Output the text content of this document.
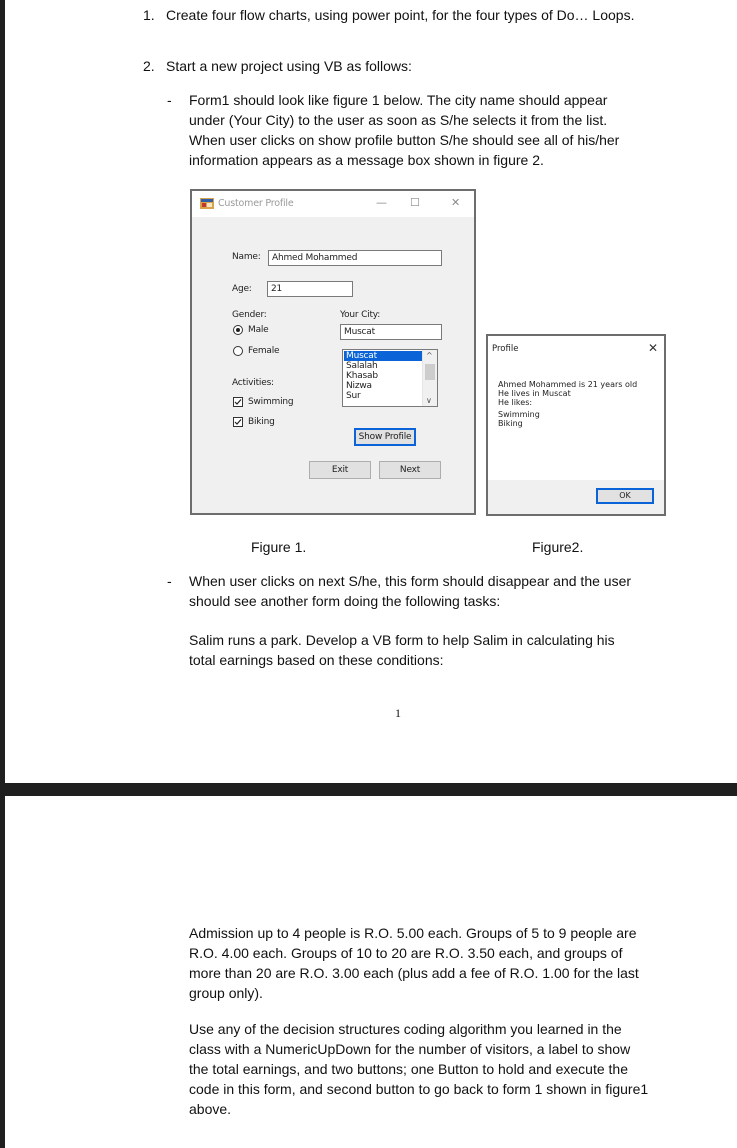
1. Create four flow charts, using power point, for the four types of Do… Loops.

2. Start a new project using VB as follows:

- Form1 should look like figure 1 below. The city name should appear
under (Your City) to the user as soon as S/he selects it from the list.
When user clicks on show profile button S/he should see all of his/her
information appears as a message box shown in figure 2.
Customer Profile	— ☐	✕
Name:	Ahmed Mohammed
Age:	21
Gender:
Male
Female
Your City:
Muscat
Muscat
Salalah
Khasab
Nizwa
Sur
^
∨
Activities:
Swimming
Biking
Show Profile
Exit	Next
Profile	✕
Ahmed Mohammed is 21 years old
He lives in Muscat
He likes:
Swimming
Biking
OK
Figure 1.	Figure2.
- When user clicks on next S/he, this form should disappear and the user
should see another form doing the following tasks:
Salim runs a park. Develop a VB form to help Salim in calculating his
total earnings based on these conditions:
1
Admission up to 4 people is R.O. 5.00 each. Groups of 5 to 9 people are
R.O. 4.00 each. Groups of 10 to 20 are R.O. 3.50 each, and groups of
more than 20 are R.O. 3.00 each (plus add a fee of R.O. 1.00 for the last
group only).
Use any of the decision structures coding algorithm you learned in the
class with a NumericUpDown for the number of visitors, a label to show
the total earnings, and two buttons; one Button to hold and execute the
code in this form, and second button to go back to form 1 shown in figure1
above.
